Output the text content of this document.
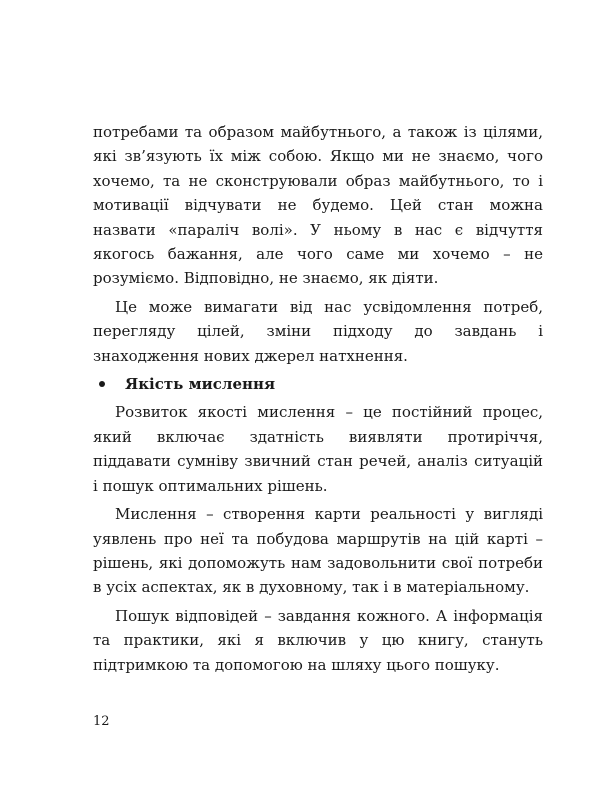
потребами та образом майбутнього, а також із цілями, які зв’язують їх між собою. Якщо ми не знаємо, чого хочемо, та не сконструювали образ майбутнього, то і мотивації відчувати не будемо. Цей стан можна назвати «параліч волі». У ньому в нас є відчуття якогось бажання, але чого саме ми хочемо – не розуміємо. Відповідно, не знаємо, як діяти.

Це може вимагати від нас усвідомлення потреб, перегляду цілей, зміни підходу до завдань і знаходження нових джерел натхнення.

Якість мислення

Розвиток якості мислення – це постійний процес, який включає здатність виявляти протиріччя, піддавати сумніву звичний стан речей, аналіз ситуацій і пошук оптимальних рішень.

Мислення – створення карти реальності у вигляді уявлень про неї та побудова маршрутів на цій карті – рішень, які допоможуть нам задовольнити свої потреби в усіх аспектах, як в духовному, так і в матеріальному.

Пошук відповідей – завдання кожного. А інформація та практики, які я включив у цю книгу, стануть підтримкою та допомогою на шляху цього пошуку.

12
